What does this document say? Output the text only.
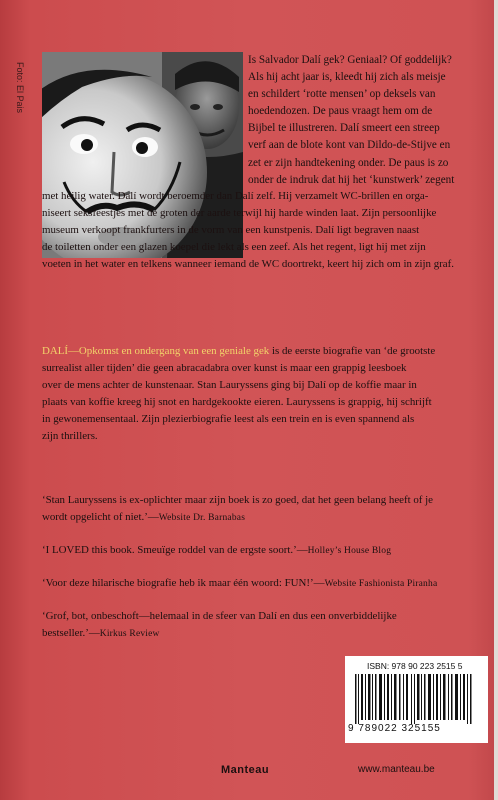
Foto: El Pais

Is Salvador Dalí gek? Geniaal? Of goddelijk?

Als hij acht jaar is, kleedt hij zich als meisje

en schildert ‘rotte mensen’ op deksels van

hoedendozen. De paus vraagt hem om de

Bijbel te illustreren. Dalí smeert een streep

verf aan de blote kont van Dildo-de-Stijve en

zet er zijn handtekening onder. De paus is zo

onder de indruk dat hij het ‘kunstwerk’ zegent

met heilig water. Dalí wordt beroemder dan Dalí zelf. Hij verzamelt WC-brillen en orga-

niseert seksfeestjes met de groten der aarde terwijl hij harde winden laat. Zijn persoonlijke

museum verkoopt frankfurters in de vorm van een kunstpenis. Dalí ligt begraven naast

de toiletten onder een glazen koepel die lekt als een zeef. Als het regent, ligt hij met zijn

voeten in het water en telkens wanneer iemand de WC doortrekt, keert hij zich om in zijn graf.

DALÍ—Opkomst en ondergang van een geniale gek is de eerste biografie van ‘de grootste

surrealist aller tijden’ die geen abracadabra over kunst is maar een grappig leesboek

over de mens achter de kunstenaar. Stan Lauryssens ging bij Dalí op de koffie maar in

plaats van koffie kreeg hij snot en hardgekookte eieren. Lauryssens is grappig, hij schrijft

in gewonemensentaal. Zijn plezierbiografie leest als een trein en is even spannend als

zijn thrillers.

‘Stan Lauryssens is ex-oplichter maar zijn boek is zo goed, dat het geen belang heeft of je
wordt opgelicht of niet.’—Website Dr. Barnabas

‘I LOVED this book. Smeuïge roddel van de ergste soort.’—Holley’s House Blog

‘Voor deze hilarische biografie heb ik maar één woord: FUN!’—Website Fashionista Piranha

‘Grof, bot, onbeschoft—helemaal in de sfeer van Dalí en dus een onverbiddelijke
bestseller.’—Kirkus Review

ISBN: 978 90 223 2515 5
9 789022 325155
Manteau	www.manteau.be
